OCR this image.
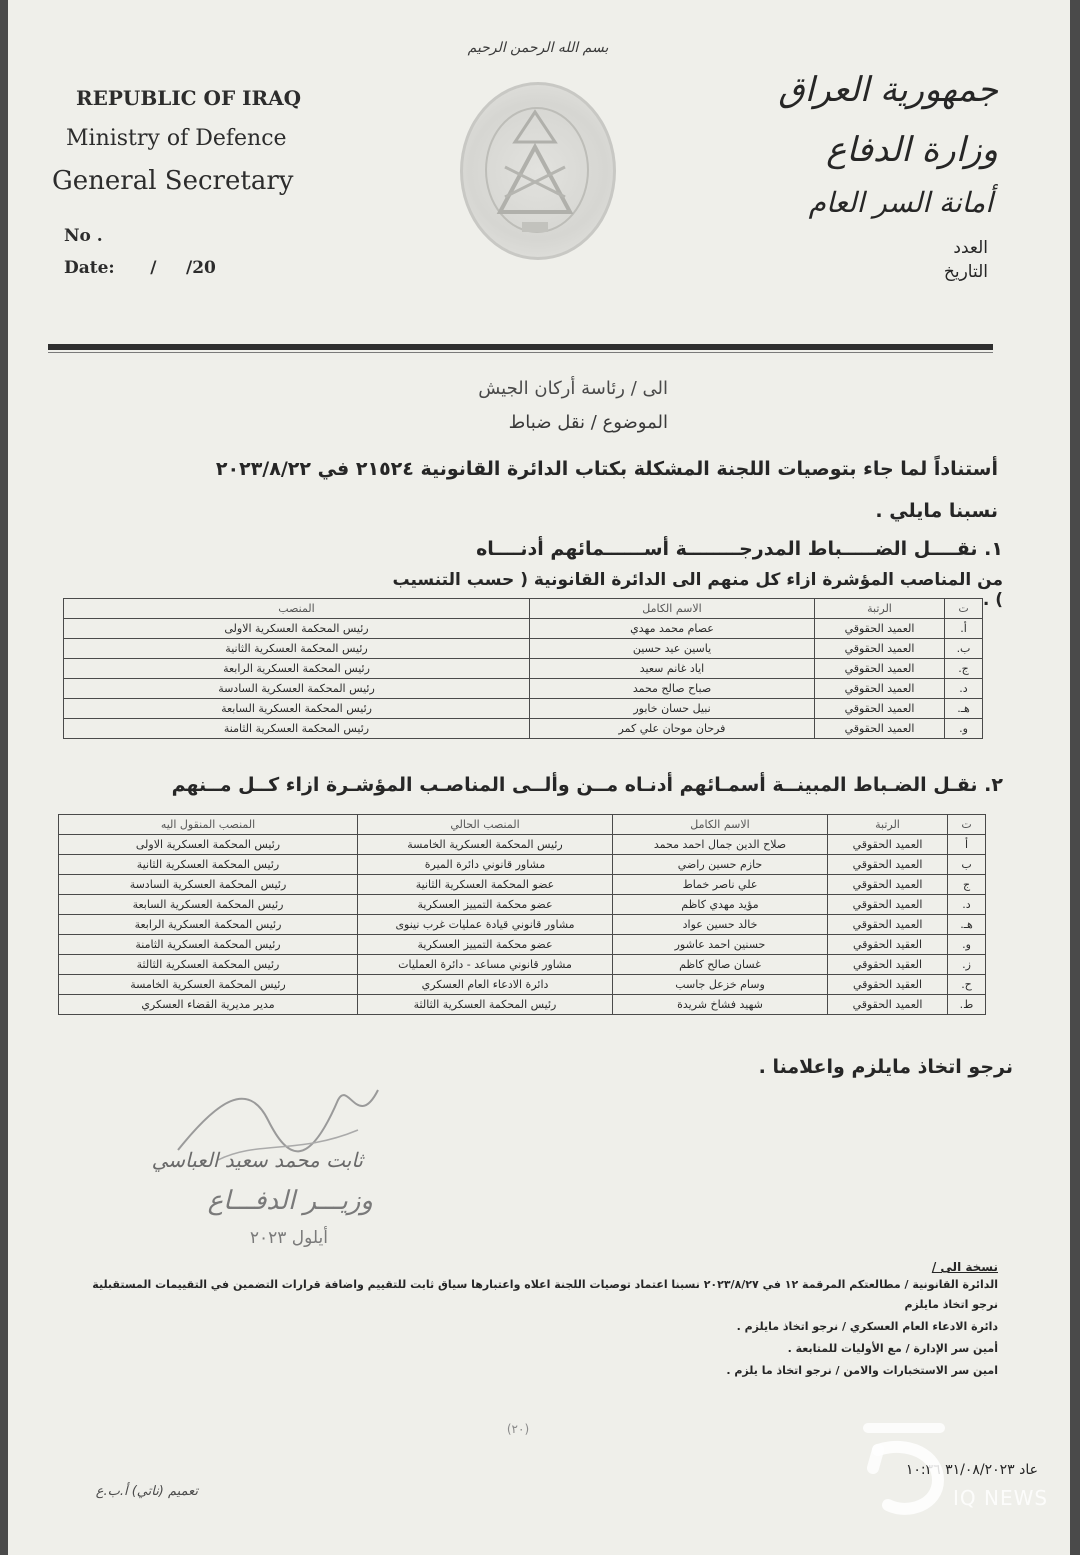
بسم الله الرحمن الرحيم
REPUBLIC OF IRAQ
Ministry of Defence
General Secretary
No .
Date:      /     /20
جمهورية العراق
وزارة الدفاع
أمانة السر العام
العدد
التاريخ
الى / رئاسة أركان الجيش
الموضوع / نقل ضباط
أستناداً لما جاء بتوصيات اللجنة المشكلة بكتاب الدائرة القانونية ٢١٥٢٤ في ٢٠٢٣/٨/٢٢
نسبنا مايلي .
١. نقــــل الضـــــباط المدرجــــــــة أســــــمائهم أدنــــاه
من المناصب المؤشرة ازاء كل منهم الى الدائرة القانونية ( حسب التنسيب ) .
ت	الرتبة	الاسم الكامل	المنصب
أ.	العميد الحقوقي	عصام محمد مهدي	رئيس المحكمة العسكرية الاولى
ب.	العميد الحقوقي	ياسين عيد حسين	رئيس المحكمة العسكرية الثانية
ج.	العميد الحقوقي	اياد غانم سعيد	رئيس المحكمة العسكرية الرابعة
د.	العميد الحقوقي	صباح صالح محمد	رئيس المحكمة العسكرية السادسة
هـ.	العميد الحقوقي	نبيل حسان خابور	رئيس المحكمة العسكرية السابعة
و.	العميد الحقوقي	فرحان موحان علي كمر	رئيس المحكمة العسكرية الثامنة
٢. نقـل الضـباط المبينــة أسمـائهم أدنـاه مــن وألــى المناصـب المؤشـرة ازاء كــل مــنهم
ت	الرتبة	الاسم الكامل	المنصب الحالي	المنصب المنقول اليه
أ	العميد الحقوقي	صلاح الدين جمال احمد محمد	رئيس المحكمة العسكرية الخامسة	رئيس المحكمة العسكرية الاولى
ب	العميد الحقوقي	حازم حسين راضي	مشاور قانوني دائرة الميرة	رئيس المحكمة العسكرية الثانية
ج	العميد الحقوقي	علي ناصر خماط	عضو المحكمة العسكرية الثانية	رئيس المحكمة العسكرية السادسة
د.	العميد الحقوقي	مؤيد مهدي كاظم	عضو محكمة التمييز العسكرية	رئيس المحكمة العسكرية السابعة
هـ.	العميد الحقوقي	خالد حسين عواد	مشاور قانوني قيادة عمليات غرب نينوى	رئيس المحكمة العسكرية الرابعة
و.	العقيد الحقوقي	حسنين احمد عاشور	عضو محكمة التمييز العسكرية	رئيس المحكمة العسكرية الثامنة
ز.	العقيد الحقوقي	غسان صالح كاظم	مشاور قانوني مساعد - دائرة العمليات	رئيس المحكمة العسكرية الثالثة
ح.	العقيد الحقوقي	وسام خزعل جاسب	دائرة الادعاء العام العسكري	رئيس المحكمة العسكرية الخامسة
ط.	العميد الحقوقي	شهيد فشاخ شريدة	رئيس المحكمة العسكرية الثالثة	مدير مديرية القضاء العسكري
نرجو اتخاذ مايلزم واعلامنا .
ثابت محمد سعيد العباسي
وزيـــر الدفـــاع
أيلول ٢٠٢٣
نسخة الى /
الدائرة القانونية / مطالعتكم المرقمة ١٢ في ٢٠٢٣/٨/٢٧ نسبنا اعتماد توصيات اللجنة اعلاه واعتبارها سياق ثابت للتقييم واضافة قرارات التضمين في التقييمات المستقبلية
نرجو اتخاذ مايلزم
دائرة الادعاء العام العسكري / نرجو اتخاذ مايلزم .
أمين سر الإدارة / مع الأوليات للمتابعة .
امين سر الاستخبارات والامن / نرجو اتخاذ ما يلزم .
(٢٠)
عاد ٣١/٠٨/٢٠٢٣ ١٠:٣٦
تعميم (ناتي) أ.ب.ع	IQ NEWS
